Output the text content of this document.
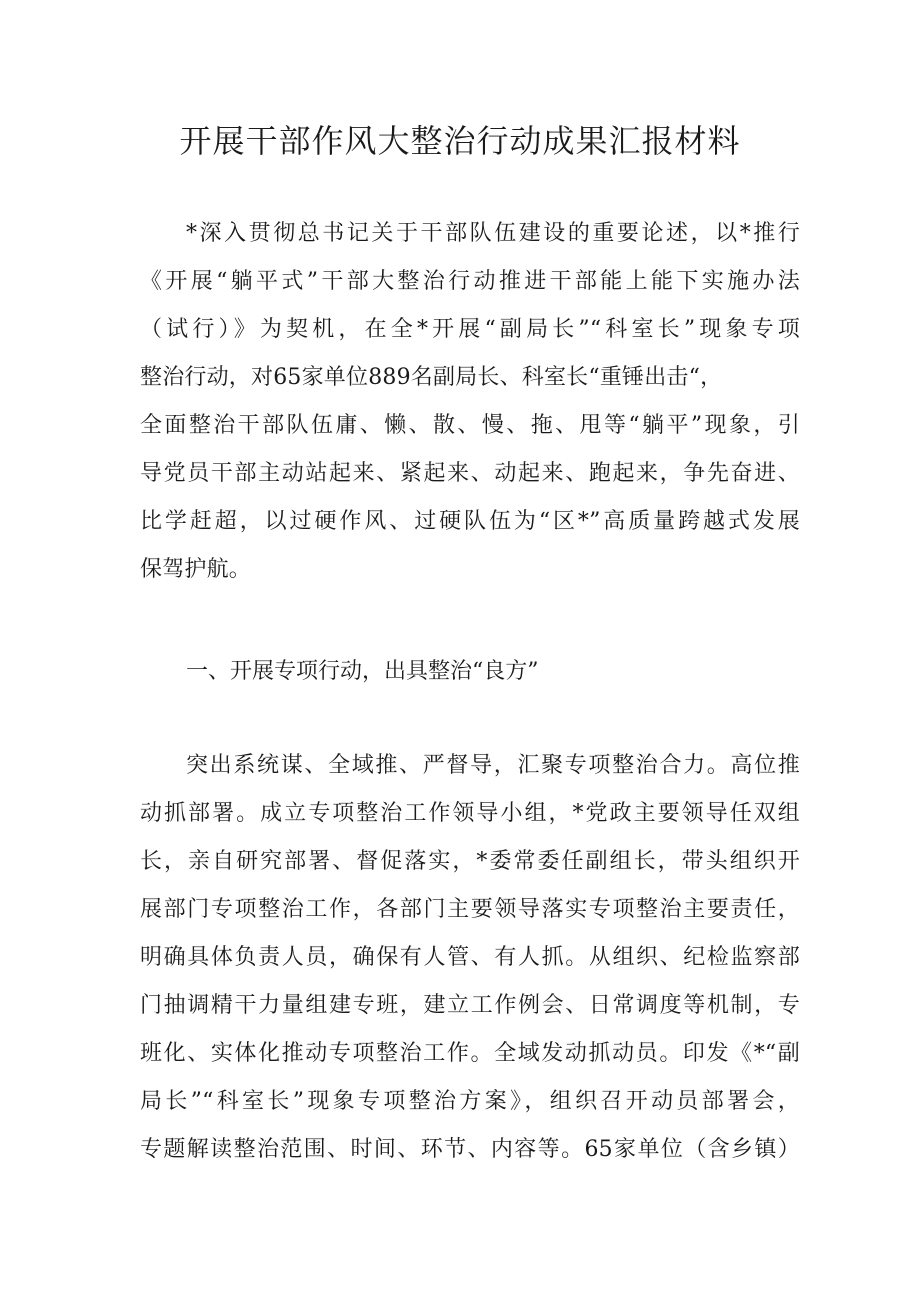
开展干部作风大整治行动成果汇报材料
*深入贯彻总书记关于干部队伍建设的重要论述，以*推行
《开展“躺平式”干部大整治行动推进干部能上能下实施办法
（试行）》为契机，在全*开展“副局长”“科室长”现象专项
整治行动，对65家单位889名副局长、科室长“重锤出击“，
全面整治干部队伍庸、懒、散、慢、拖、甩等“躺平”现象，引
导党员干部主动站起来、紧起来、动起来、跑起来，争先奋进、
比学赶超，以过硬作风、过硬队伍为“区*”高质量跨越式发展
保驾护航。
一、开展专项行动，出具整治“良方”
突出系统谋、全域推、严督导，汇聚专项整治合力。高位推
动抓部署。成立专项整治工作领导小组，*党政主要领导任双组
长，亲自研究部署、督促落实，*委常委任副组长，带头组织开
展部门专项整治工作，各部门主要领导落实专项整治主要责任，
明确具体负责人员，确保有人管、有人抓。从组织、纪检监察部
门抽调精干力量组建专班，建立工作例会、日常调度等机制，专
班化、实体化推动专项整治工作。全域发动抓动员。印发《*“副
局长”“科室长”现象专项整治方案》，组织召开动员部署会，
专题解读整治范围、时间、环节、内容等。65家单位（含乡镇）
